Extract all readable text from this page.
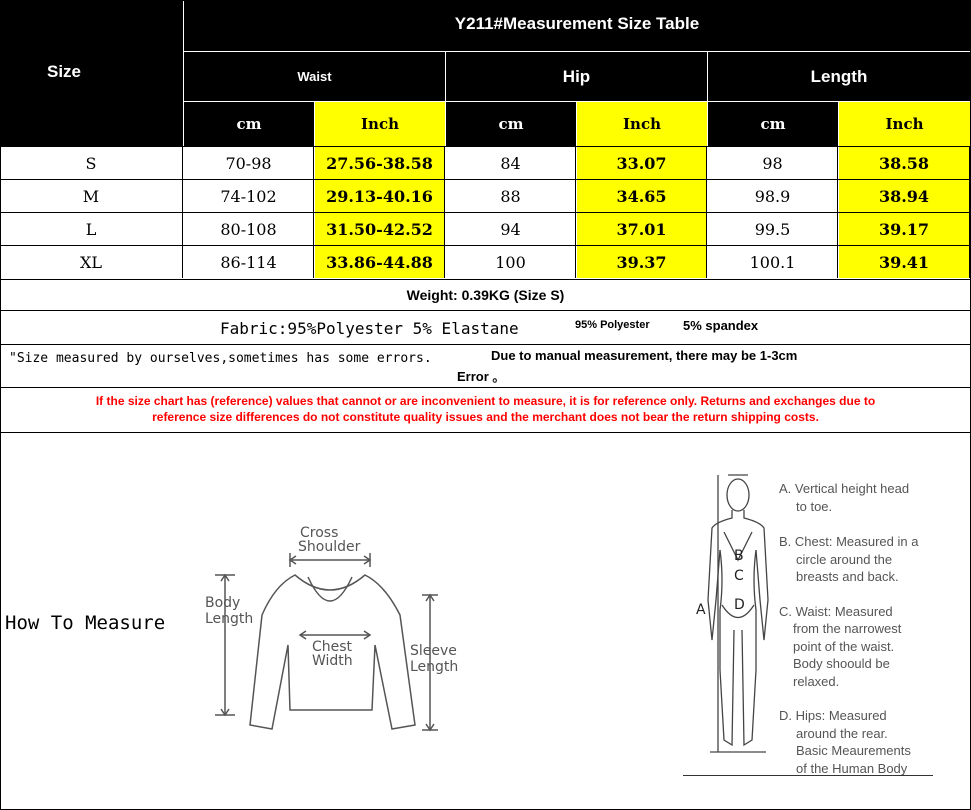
Size
Y211#Measurement Size Table
Waist	Hip	Length
cm	Inch	cm	Inch	cm	Inch
S	70-98	27.56-38.58	84	33.07	98	38.58
M	74-102	29.13-40.16	88	34.65	98.9	38.94
L	80-108	31.50-42.52	94	37.01	99.5	39.17
XL	86-114	33.86-44.88	100	39.37	100.1	39.41
Weight: 0.39KG (Size S)
Fabric:95%Polyester 5% Elastane	95% Polyester	5% spandex
"Size measured by ourselves,sometimes has some errors.	Due to manual measurement, there may be 1-3cm
Error 。
If the size chart has (reference) values that cannot or are inconvenient to measure, it is for reference only. Returns and exchanges due to
reference size differences do not constitute quality issues and the merchant does not bear the return shipping costs.
How To Measure
Cross
Shoulder
Body
Length
Chest
Width
Sleeve
Length
A
B
C
D
A. Vertical height head
to toe.
B. Chest: Measured in a
circle around the
breasts and back.
C. Waist: Measured
from the narrowest
point of the waist.
Body shoould be
relaxed.
D. Hips: Measured
around the rear.
Basic Meaurements
of the Human Body
